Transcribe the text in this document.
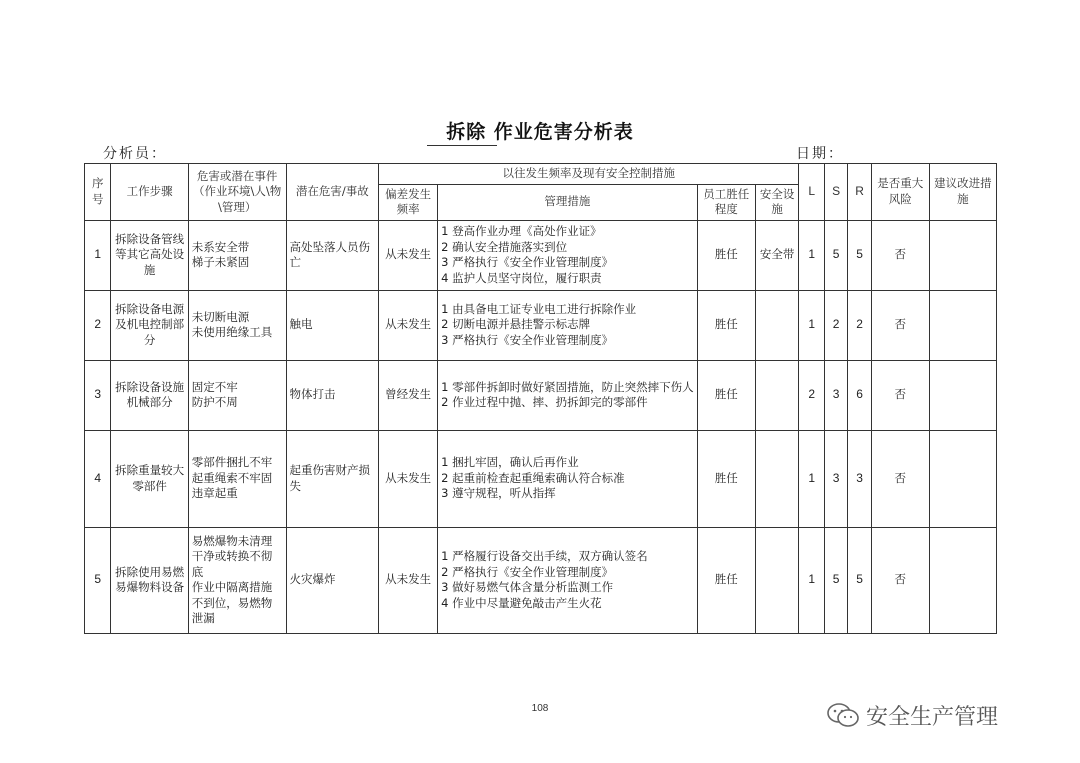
拆除 作业危害分析表
分析员：	日期：
序号	工作步骤	危害或潜在事件（作业环境\人\物\管理）	潜在危害/事故	以往发生频率及现有安全控制措施				L	S	R	是否重大风险	建议改进措施
				偏差发生频率	管理措施	员工胜任程度	安全设施					
1	拆除设备管线等其它高处设施	未系安全带
梯子未紧固	高处坠落人员伤亡	从未发生	1 登高作业办理《高处作业证》
2 确认安全措施落实到位
3 严格执行《安全作业管理制度》
4 监护人员坚守岗位，履行职责	胜任	安全带	1	5	5	否	
2	拆除设备电源及机电控制部分	未切断电源
未使用绝缘工具	触电	从未发生	1 由具备电工证专业电工进行拆除作业
2 切断电源并悬挂警示标志牌
3 严格执行《安全作业管理制度》	胜任		1	2	2	否	
3	拆除设备设施机械部分	固定不牢
防护不周	物体打击	曾经发生	1 零部件拆卸时做好紧固措施，防止突然摔下伤人
2 作业过程中抛、摔、扔拆卸完的零部件	胜任		2	3	6	否	
4	拆除重量较大零部件	零部件捆扎不牢
起重绳索不牢固
违章起重	起重伤害财产损失	从未发生	1 捆扎牢固，确认后再作业
2 起重前检查起重绳索确认符合标准
3 遵守规程，听从指挥	胜任		1	3	3	否	
5	拆除使用易燃易爆物料设备	易燃爆物未清理干净或转换不彻底
作业中隔离措施不到位，易燃物泄漏	火灾爆炸	从未发生	1 严格履行设备交出手续，双方确认签名
2 严格执行《安全作业管理制度》
3 做好易燃气体含量分析监测工作
4 作业中尽量避免敲击产生火花	胜任		1	5	5	否	
108	安全生产管理
